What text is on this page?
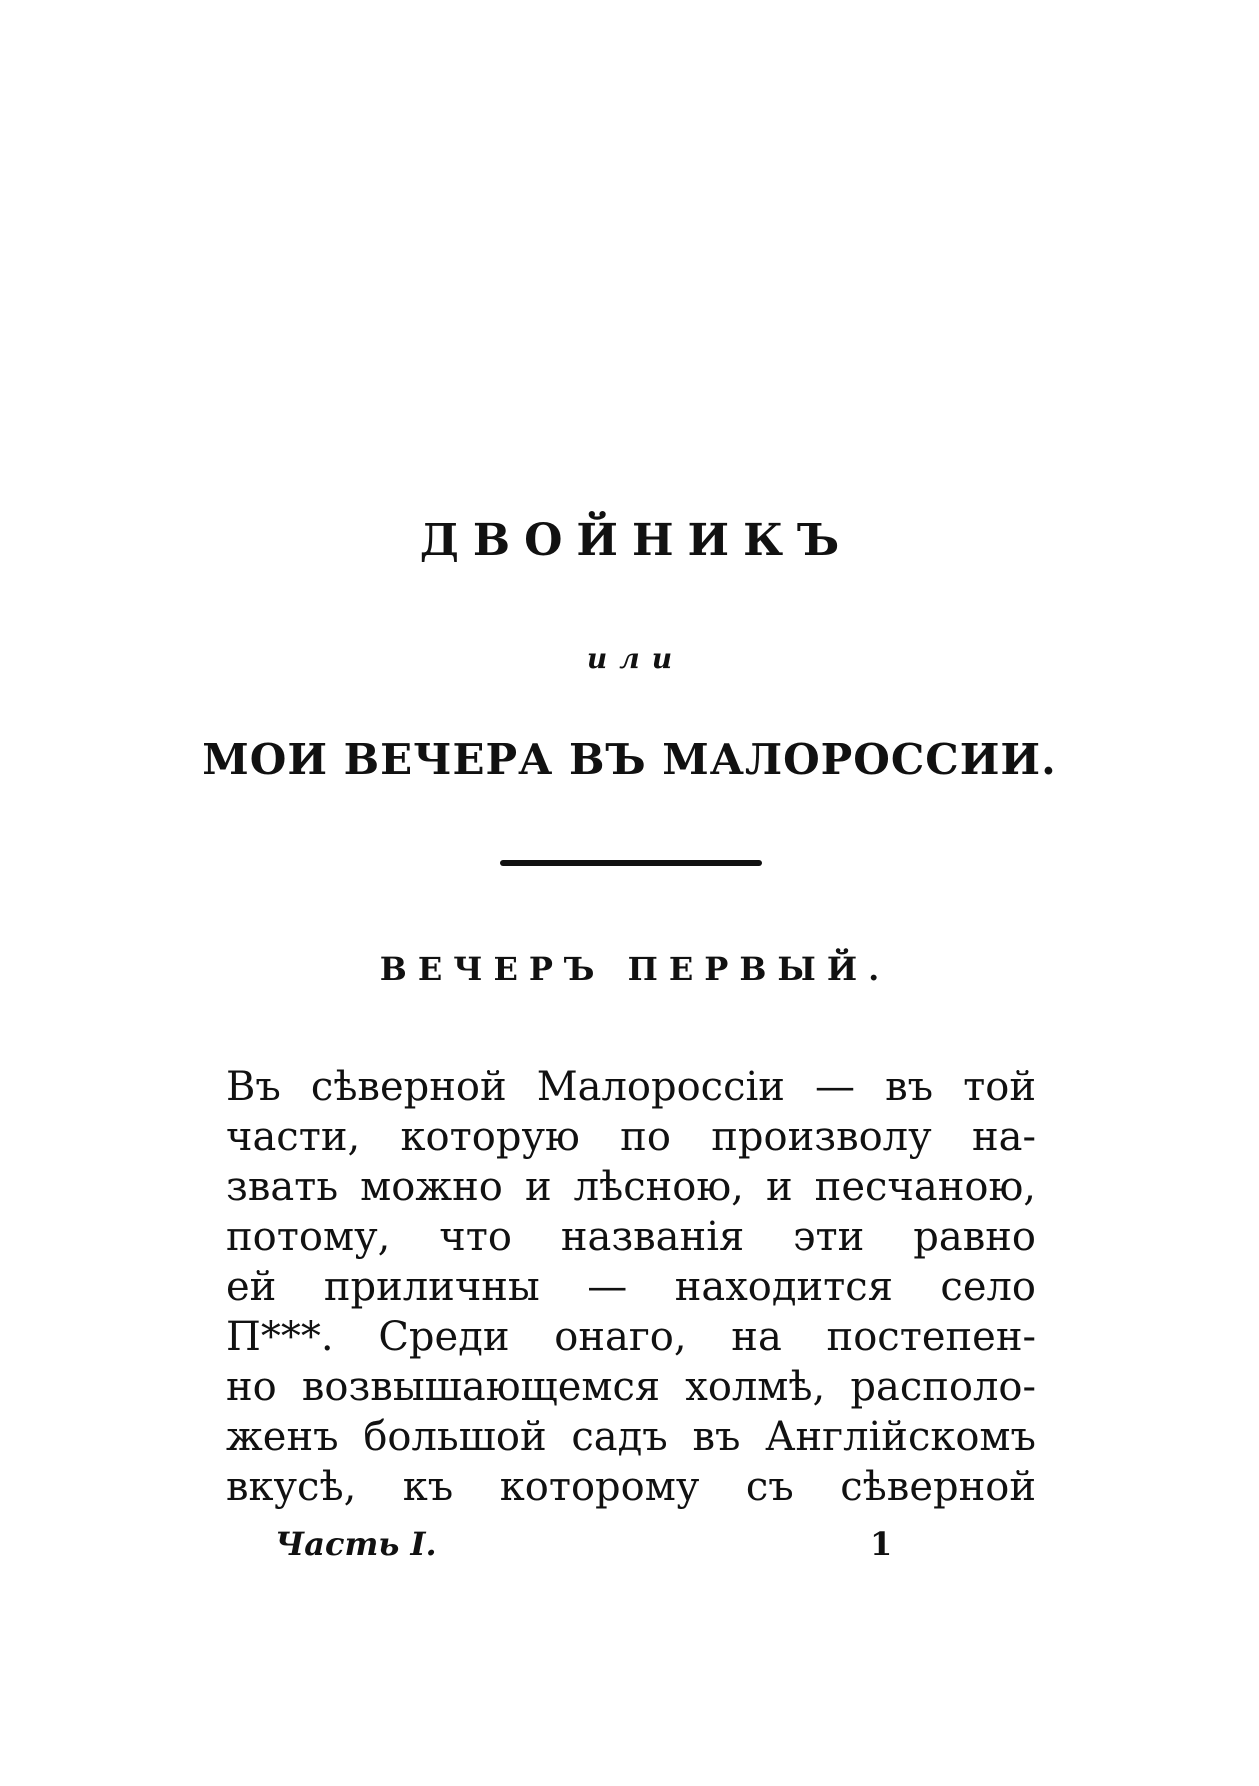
ДВОЙНИКЪ
или
МОИ ВЕЧЕРА ВЪ МАЛОРОССИИ.
ВЕЧЕРЪ ПЕРВЫЙ.
Въ сѣверной Малороссіи — въ той
части, которую по произволу на-
звать можно и лѣсною, и песчаною,
потому, что названія эти равно
ей приличны — находится село
П***. Среди онаго, на постепен-
но возвышающемся холмѣ, располо-
женъ большой садъ въ Англійскомъ
вкусѣ, къ которому съ сѣверной
Часть I.	1
